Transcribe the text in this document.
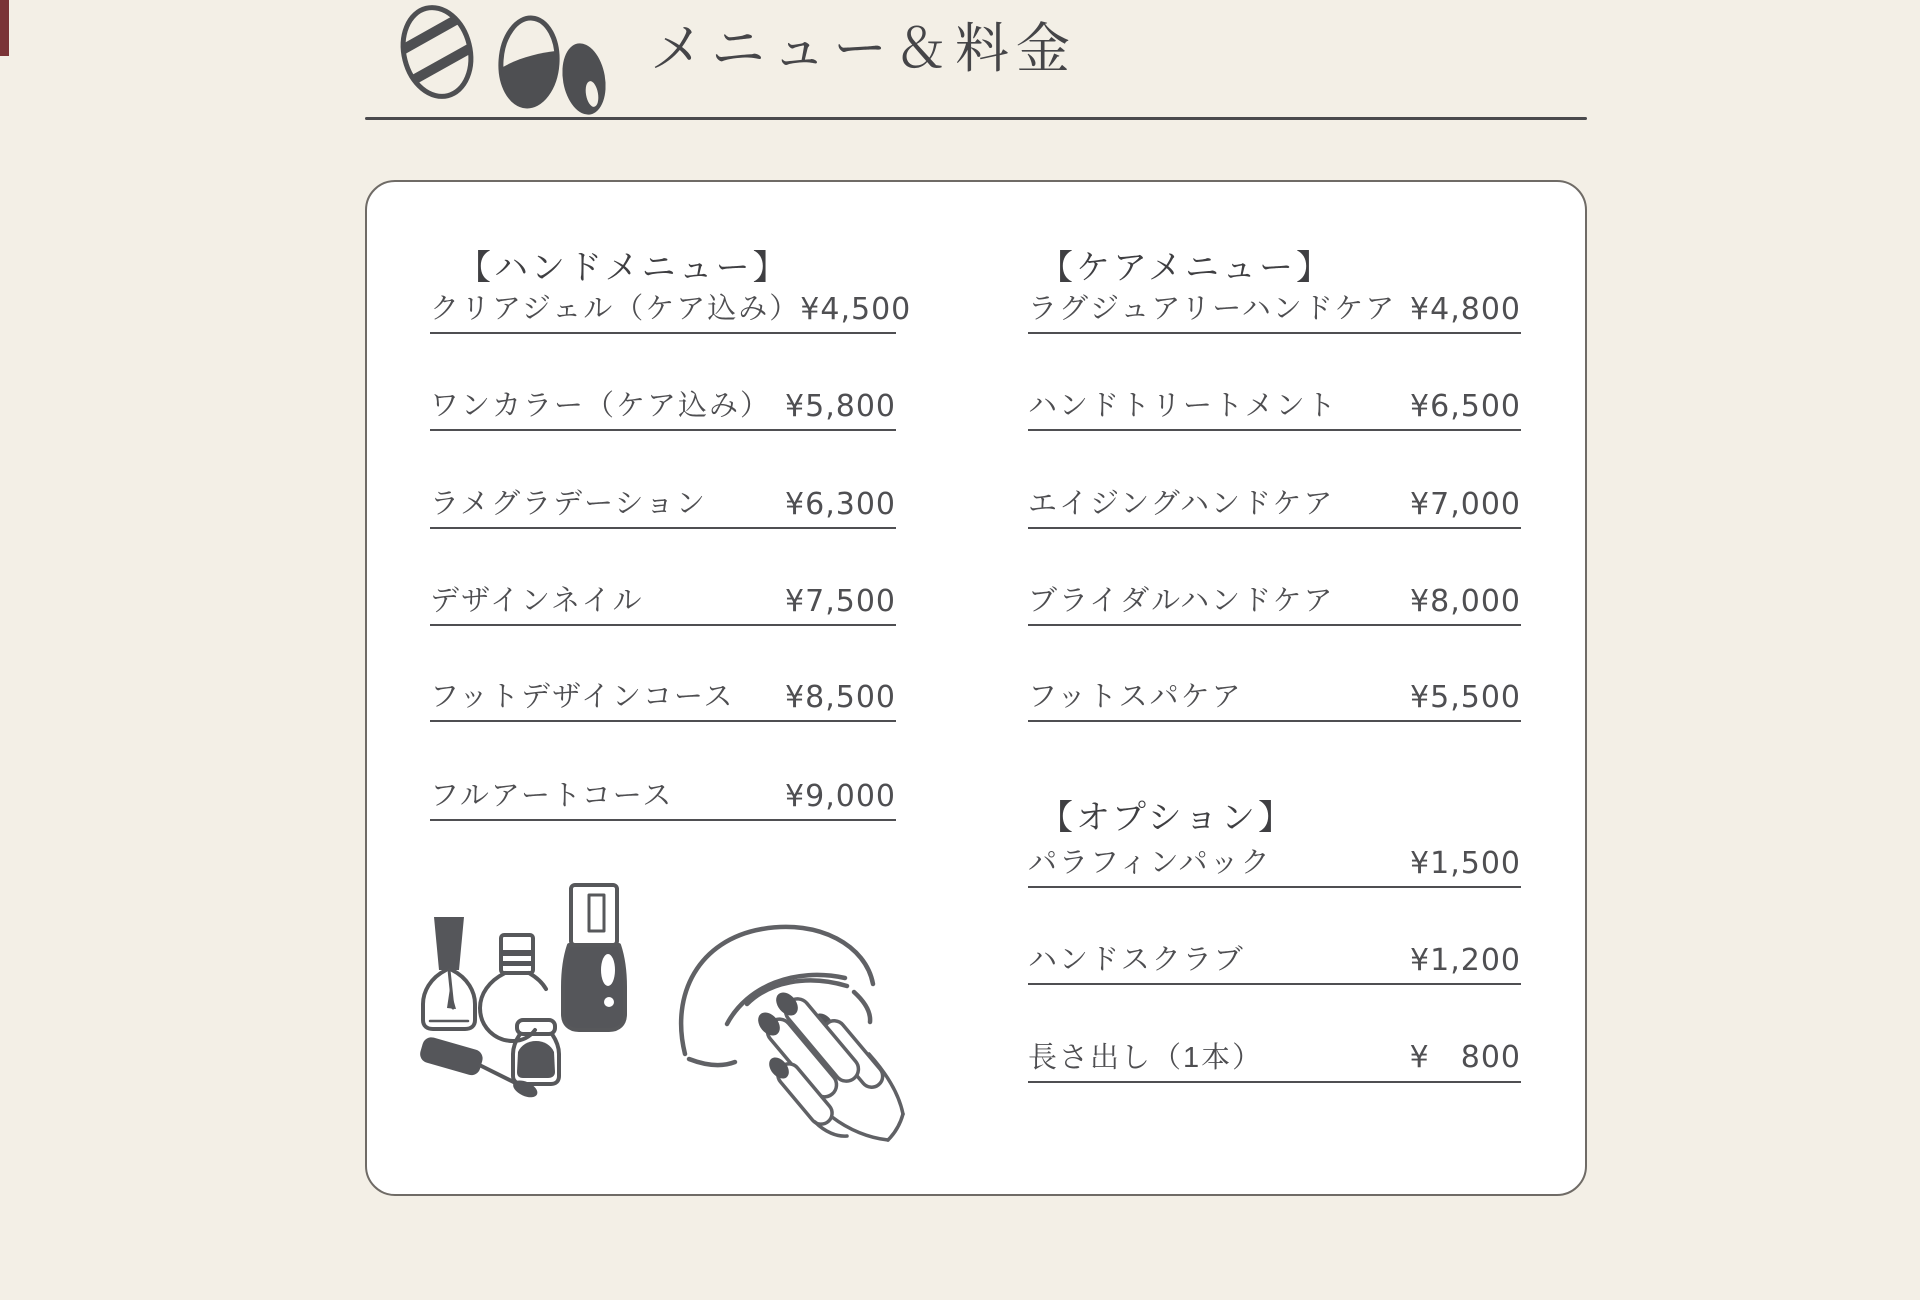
メニュー＆料金
【ハンドメニュー】	【ケアメニュー】
【オプション】
クリアジェル（ケア込み） ¥4,500
ワンカラー（ケア込み） ¥5,800
ラメグラデーション	¥6,300
デザインネイル	¥7,500
フットデザインコース ¥8,500
フルアートコース	¥9,000
ラグジュアリーハンドケア ¥4,800
ハンドトリートメント ¥6,500
エイジングハンドケア	¥7,000
ブライダルハンドケア	¥8,000
フットスパケア	¥5,500
パラフィンパック	¥1,500
ハンドスクラブ	¥1,200
長さ出し（1本）	¥　800
